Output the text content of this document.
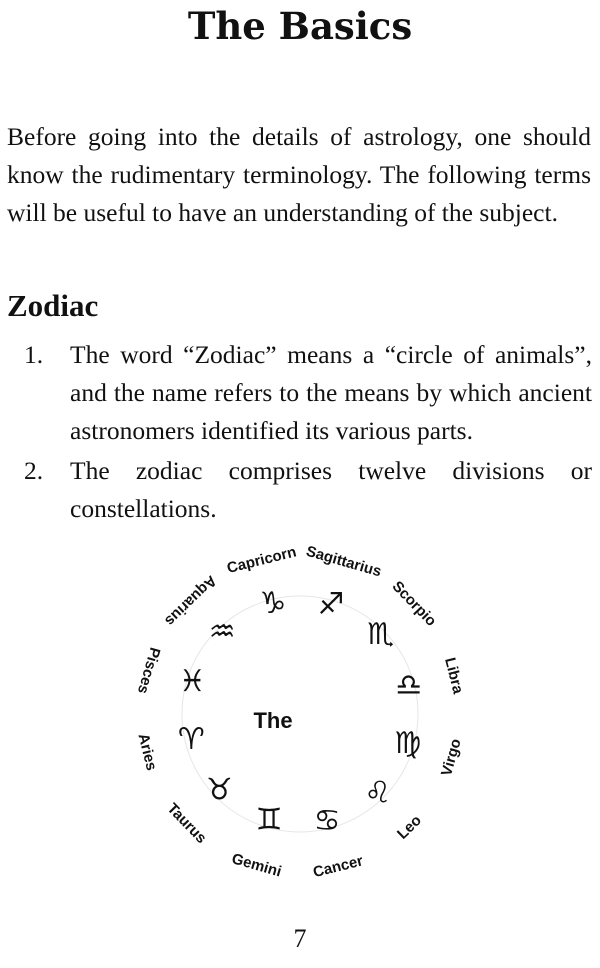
The Basics

Before going into the details of astrology, one should know the rudimentary terminology. The following terms will be useful to have an understanding of the subject.

Zodiac
1. The word “Zodiac” means a “circle of animals”, and the name refers to the means by which ancient astronomers identified its various parts.
2. The zodiac comprises twelve divisions or constellations.
The
Capricorn
♑
Sagittarius
♐	Scorpio
♏
Libra
♎
Virgo
♍
Leo
♌
Cancer
♋
Gemini
♊
Taurus
♉
Aries ♈
Pisces ♓
Aquarius
♒
7
